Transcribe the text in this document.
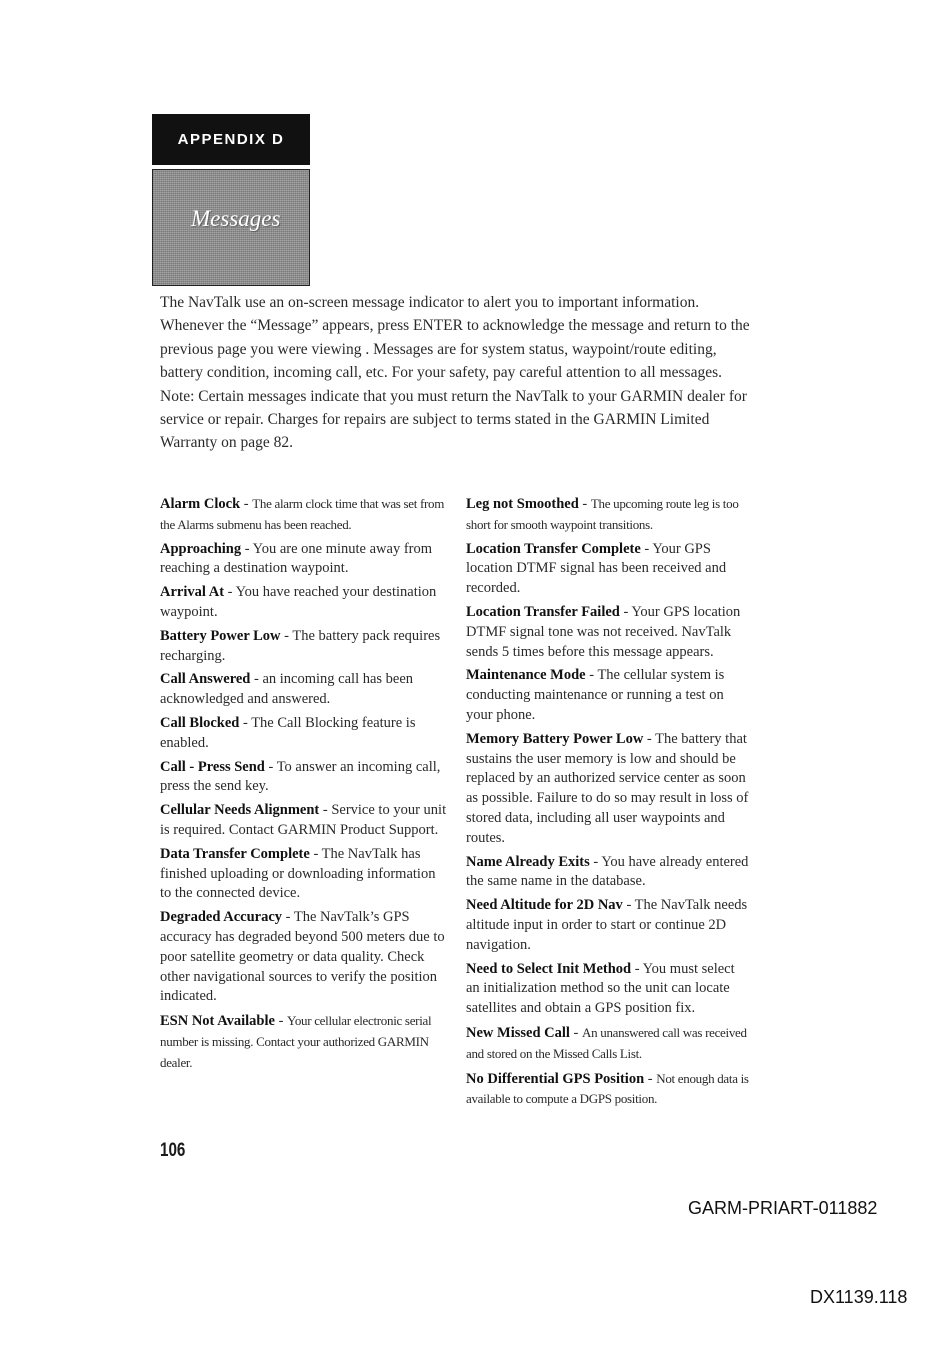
APPENDIX D
Messages

The NavTalk use an on-screen message indicator to alert you to important information. Whenever the “Message” appears, press ENTER to acknowledge the message and return to the previous page you were viewing . Messages are for system status, waypoint/route editing, battery condition, incoming call, etc. For your safety, pay careful attention to all messages. Note: Certain messages indicate that you must return the NavTalk to your GARMIN dealer for service or repair. Charges for repairs are subject to terms stated in the GARMIN Limited Warranty on page 82.

Alarm Clock - The alarm clock time that was set from the Alarms submenu has been reached.

Approaching - You are one minute away from reaching a destination waypoint.

Arrival At - You have reached your destination waypoint.

Battery Power Low - The battery pack requires recharging.

Call Answered - an incoming call has been acknowledged and answered.

Call Blocked - The Call Blocking feature is enabled.

Call - Press Send - To answer an incoming call, press the send key.

Cellular Needs Alignment - Service to your unit is required. Contact GARMIN Product Support.

Data Transfer Complete - The NavTalk has finished uploading or downloading information to the connected device.

Degraded Accuracy - The NavTalk’s GPS accuracy has degraded beyond 500 meters due to poor satellite geometry or data quality. Check other navigational sources to verify the position indicated.

ESN Not Available - Your cellular electronic serial number is missing. Contact your authorized GARMIN dealer.

Leg not Smoothed - The upcoming route leg is too short for smooth waypoint transitions.

Location Transfer Complete - Your GPS location DTMF signal has been received and recorded.

Location Transfer Failed - Your GPS location DTMF signal tone was not received. NavTalk sends 5 times before this message appears.

Maintenance Mode - The cellular system is conducting maintenance or running a test on your phone.

Memory Battery Power Low - The battery that sustains the user memory is low and should be replaced by an authorized service center as soon as possible. Failure to do so may result in loss of stored data, including all user waypoints and routes.

Name Already Exits - You have already entered the same name in the database.

Need Altitude for 2D Nav - The NavTalk needs altitude input in order to start or continue 2D navigation.

Need to Select Init Method - You must select an initialization method so the unit can locate satellites and obtain a GPS position fix.

New Missed Call - An unanswered call was received and stored on the Missed Calls List.

No Differential GPS Position - Not enough data is available to compute a DGPS position.

106
GARM-PRIART-011882
DX1139.118
